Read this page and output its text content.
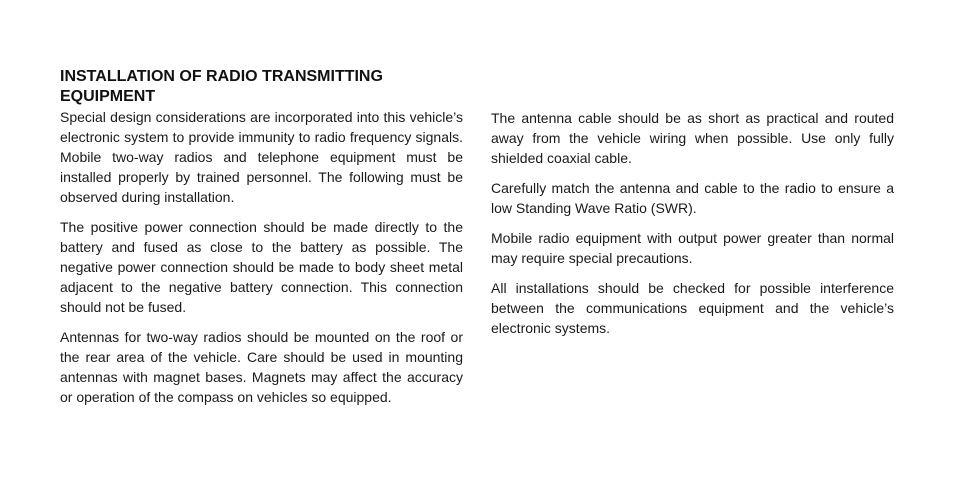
INSTALLATION OF RADIO TRANSMITTING EQUIPMENT

Special design considerations are incorporated into this vehicle’s electronic system to provide immunity to radio frequency signals. Mobile two-way radios and telephone equipment must be installed properly by trained personnel. The following must be observed during installation.

The positive power connection should be made directly to the battery and fused as close to the battery as possible. The negative power connection should be made to body sheet metal adjacent to the negative battery connection. This connection should not be fused.

Antennas for two-way radios should be mounted on the roof or the rear area of the vehicle. Care should be used in mounting antennas with magnet bases. Magnets may affect the accuracy or operation of the compass on vehicles so equipped.

The antenna cable should be as short as practical and routed away from the vehicle wiring when possible. Use only fully shielded coaxial cable.

Carefully match the antenna and cable to the radio to ensure a low Standing Wave Ratio (SWR).

Mobile radio equipment with output power greater than normal may require special precautions.

All installations should be checked for possible interference between the communications equipment and the vehicle’s electronic systems.
